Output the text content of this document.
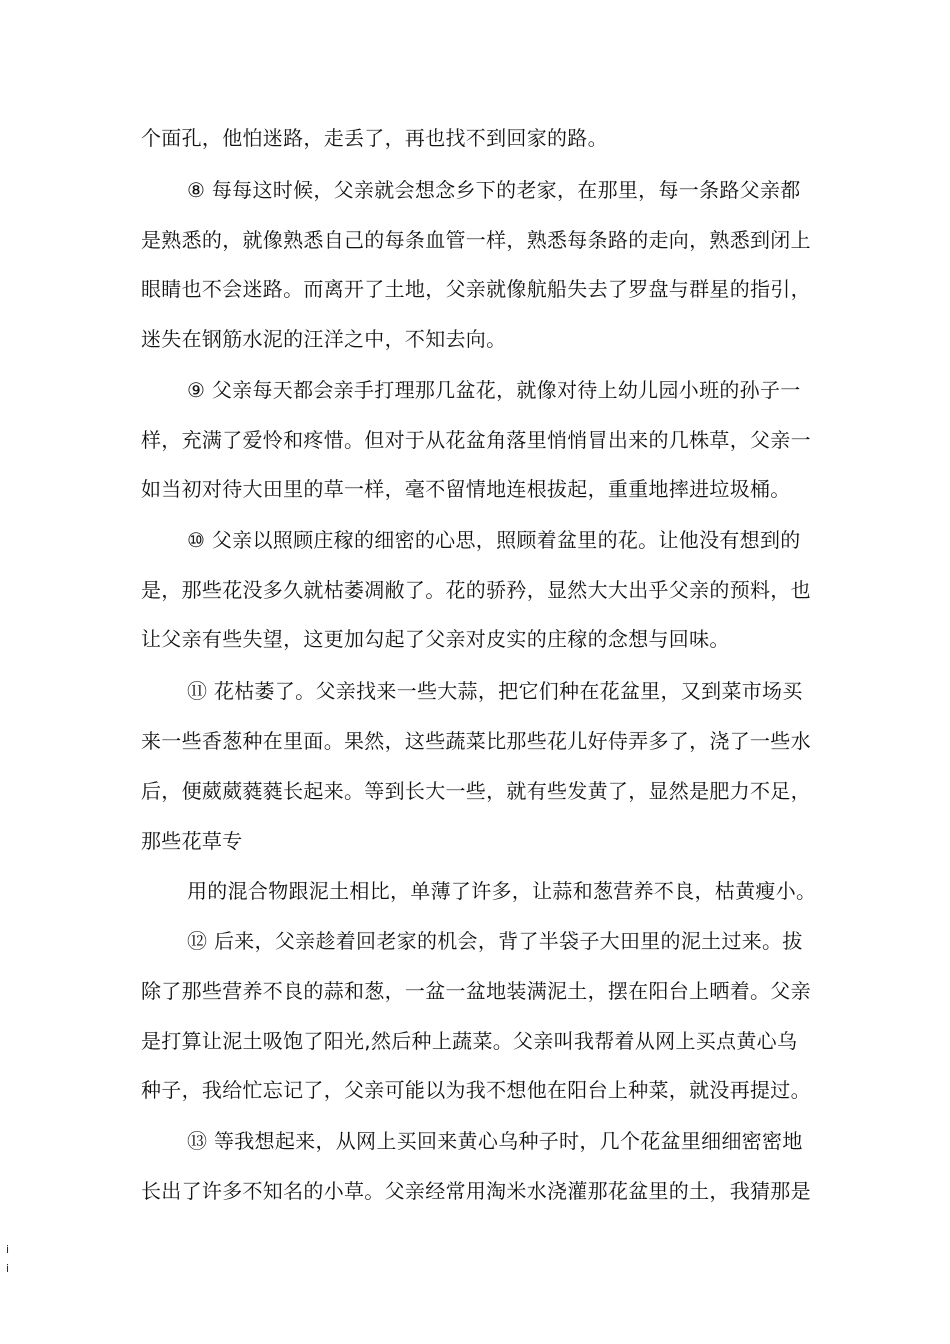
个面孔，他怕迷路，走丢了，再也找不到回家的路。
⑧ 每每这时候，父亲就会想念乡下的老家，在那里，每一条路父亲都
是熟悉的，就像熟悉自己的每条血管一样，熟悉每条路的走向，熟悉到闭上
眼睛也不会迷路。而离开了土地，父亲就像航船失去了罗盘与群星的指引，
迷失在钢筋水泥的汪洋之中，不知去向。
⑨ 父亲每天都会亲手打理那几盆花，就像对待上幼儿园小班的孙子一
样，充满了爱怜和疼惜。但对于从花盆角落里悄悄冒出来的几株草，父亲一
如当初对待大田里的草一样，毫不留情地连根拔起，重重地摔进垃圾桶。
⑩ 父亲以照顾庄稼的细密的心思，照顾着盆里的花。让他没有想到的
是，那些花没多久就枯萎凋敝了。花的骄矜，显然大大出乎父亲的预料，也
让父亲有些失望，这更加勾起了父亲对皮实的庄稼的念想与回味。
⑪ 花枯萎了。父亲找来一些大蒜，把它们种在花盆里，又到菜市场买
来一些香葱种在里面。果然，这些蔬菜比那些花儿好侍弄多了，浇了一些水
后，便葳葳蕤蕤长起来。等到长大一些，就有些发黄了，显然是肥力不足，
那些花草专
用的混合物跟泥土相比，单薄了许多，让蒜和葱营养不良，枯黄瘦小。
⑫ 后来，父亲趁着回老家的机会，背了半袋子大田里的泥土过来。拔
除了那些营养不良的蒜和葱，一盆一盆地装满泥土，摆在阳台上晒着。父亲
是打算让泥土吸饱了阳光,然后种上蔬菜。父亲叫我帮着从网上买点黄心乌
种子，我给忙忘记了，父亲可能以为我不想他在阳台上种菜，就没再提过。
⑬ 等我想起来，从网上买回来黄心乌种子时，几个花盆里细细密密地
长出了许多不知名的小草。父亲经常用淘米水浇灌那花盆里的土，我猜那是
i
i
